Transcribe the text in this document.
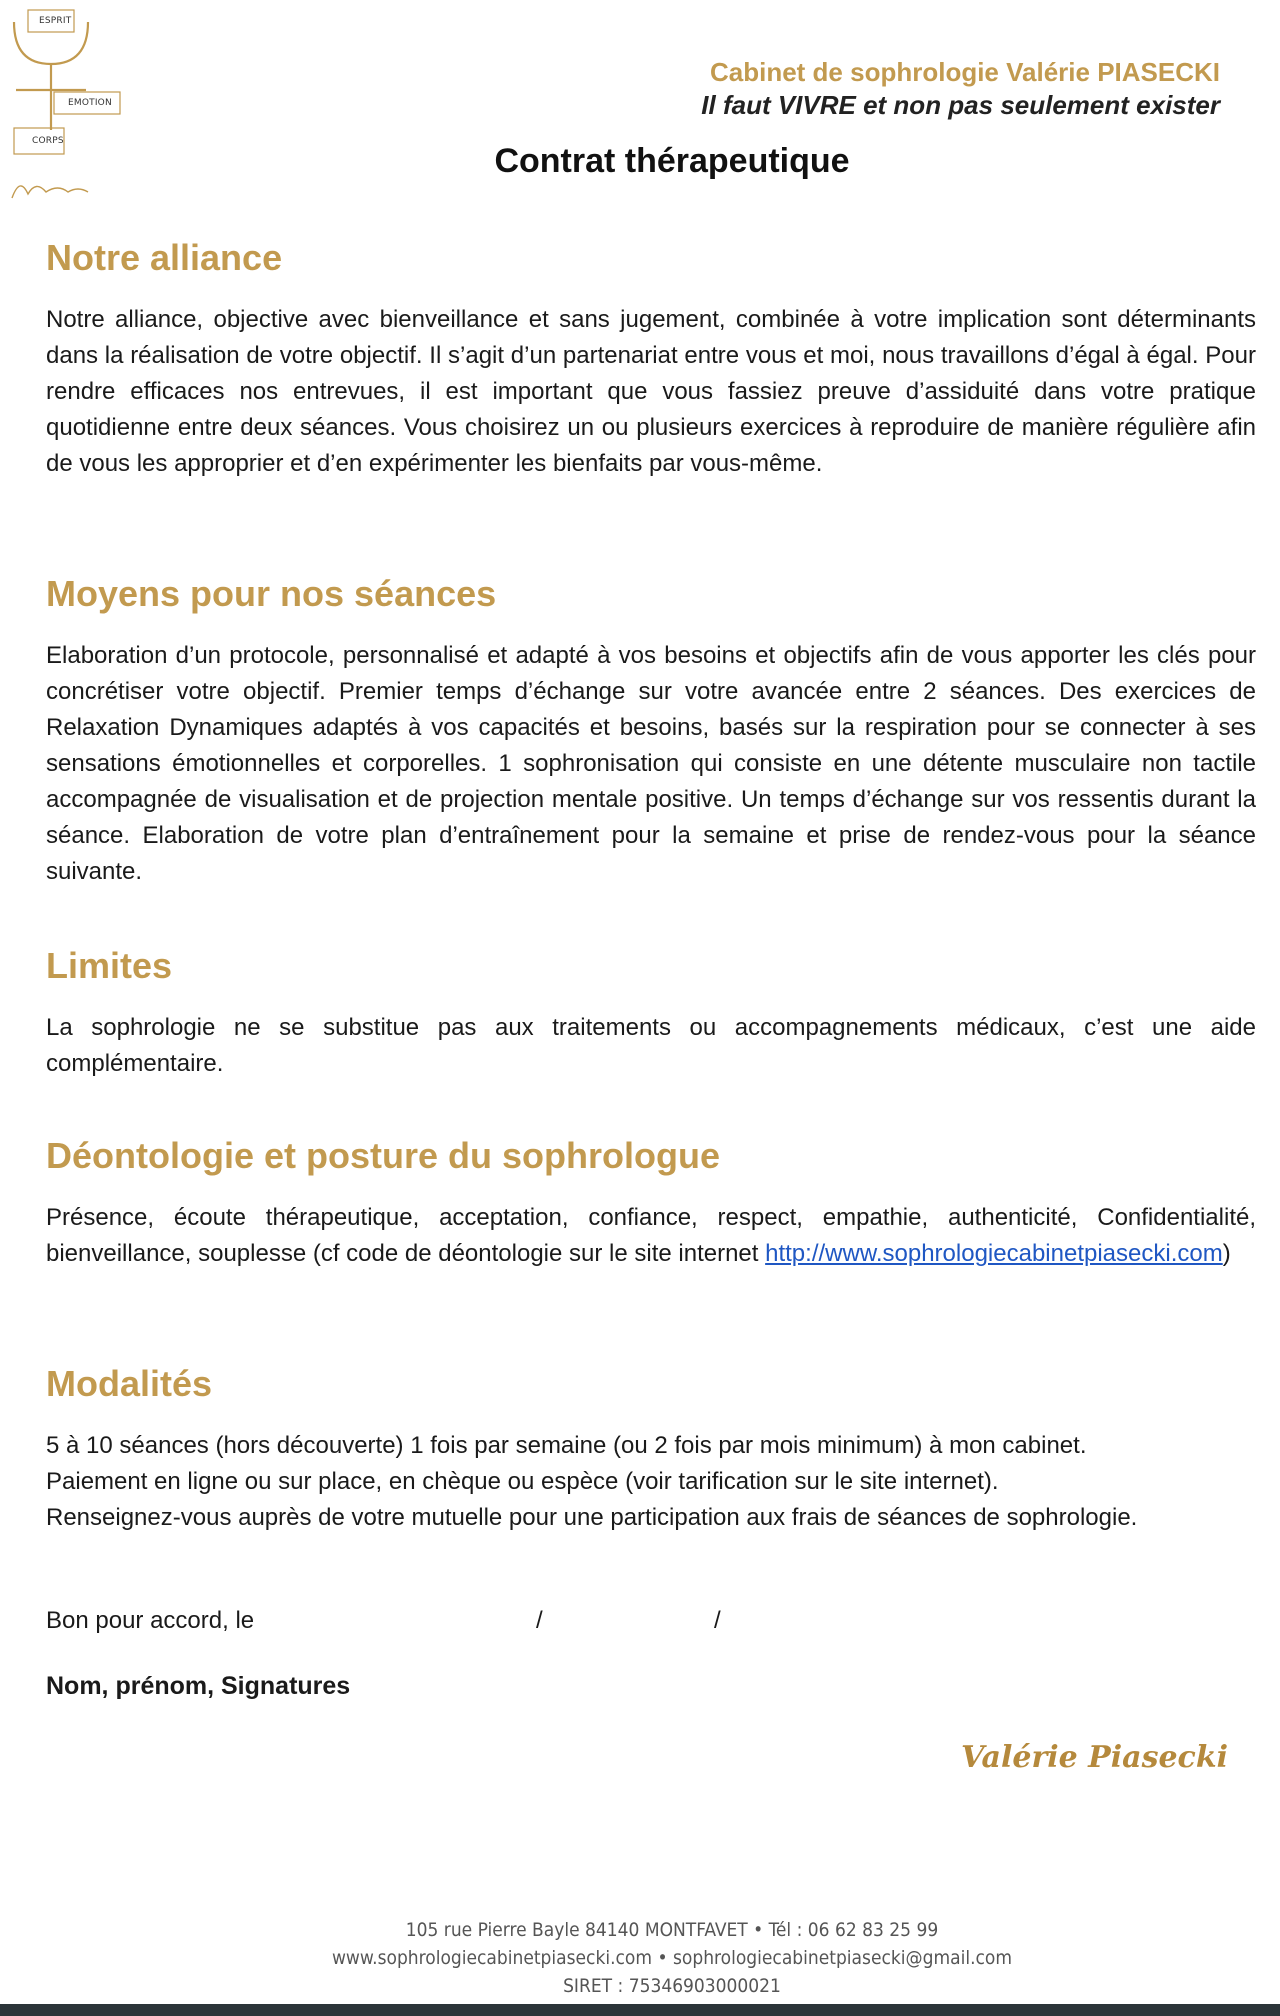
ESPRIT
EMOTION
CORPS
Cabinet de sophrologie Valérie PIASECKI
Il faut VIVRE et non pas seulement exister
Contrat thérapeutique
Notre alliance

Notre alliance, objective avec bienveillance et sans jugement, combinée à votre implication sont déterminants dans la réalisation de votre objectif. Il s’agit d’un partenariat entre vous et moi, nous travaillons d’égal à égal. Pour rendre efficaces nos entrevues, il est important que vous fassiez preuve d’assiduité dans votre pratique quotidienne entre deux séances. Vous choisirez un ou plusieurs exercices à reproduire de manière régulière afin de vous les approprier et d’en expérimenter les bienfaits par vous-même.

Moyens pour nos séances

Elaboration d’un protocole, personnalisé et adapté à vos besoins et objectifs afin de vous apporter les clés pour concrétiser votre objectif. Premier temps d’échange sur votre avancée entre 2 séances. Des exercices de Relaxation Dynamiques adaptés à vos capacités et besoins, basés sur la respiration pour se connecter à ses sensations émotionnelles et corporelles. 1 sophronisation qui consiste en une détente musculaire non tactile accompagnée de visualisation et de projection mentale positive. Un temps d’échange sur vos ressentis durant la séance. Elaboration de votre plan d’entraînement pour la semaine et prise de rendez-vous pour la séance suivante.

Limites

La sophrologie ne se substitue pas aux traitements ou accompagnements médicaux, c’est une aide complémentaire.

Déontologie et posture du sophrologue

Présence, écoute thérapeutique, acceptation, confiance, respect, empathie, authenticité, Confidentialité, bienveillance, souplesse (cf code de déontologie sur le site internet http://www.sophrologiecabinetpiasecki.com)

Modalités

5 à 10 séances (hors découverte) 1 fois par semaine (ou 2 fois par mois minimum) à mon cabinet.

Paiement en ligne ou sur place, en chèque ou espèce (voir tarification sur le site internet).

Renseignez-vous auprès de votre mutuelle pour une participation aux frais de séances de sophrologie.

Bon pour accord, le	/	/
Nom, prénom, Signatures
Valérie Piasecki
105 rue Pierre Bayle 84140 MONTFAVET • Tél : 06 62 83 25 99
www.sophrologiecabinetpiasecki.com • sophrologiecabinetpiasecki@gmail.com
SIRET : 75346903000021
